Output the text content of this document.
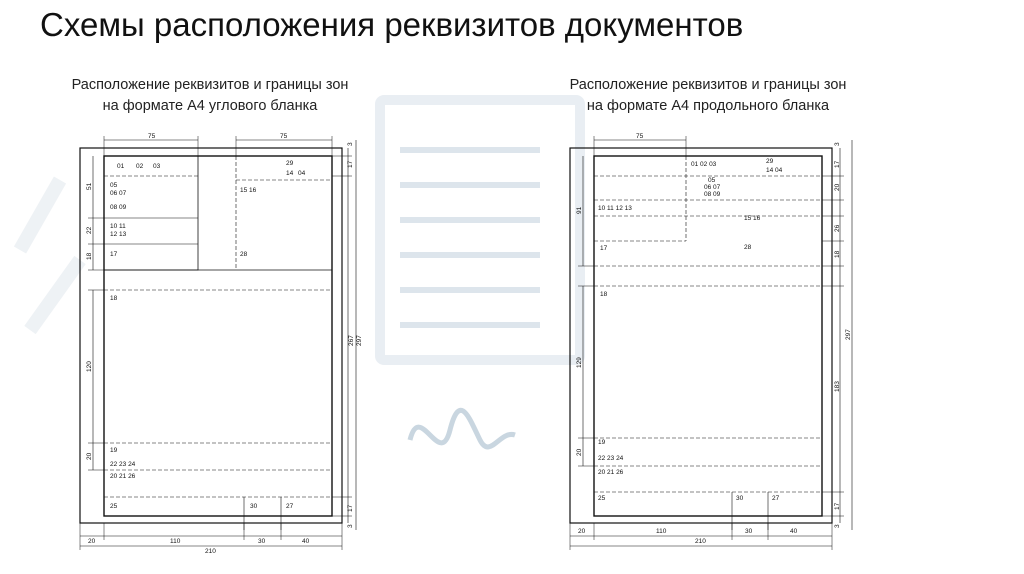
Схемы расположения реквизитов документов
Расположение реквизитов и границы зон
на формате А4 углового бланка
Расположение реквизитов и границы зон
на формате А4 продольного бланка
75	75
51
22
18
120
20
3
17
267 297
17
3
20	110	30	40
210
01 02 03	29
14 04
05
06 07
08 09
15 16
10 11
12 13
17	28
18
19
22 23 24
20 21 26
25	30	27
75
91
129
20
3
17
20
26
18
183
297
17
3
20	110	30	40
210
01 02 03	29
14 04
05
06 07
08 09
10 11 12 13
15 16
17	28
18
19
22 23 24
20 21 26
25	30	27
